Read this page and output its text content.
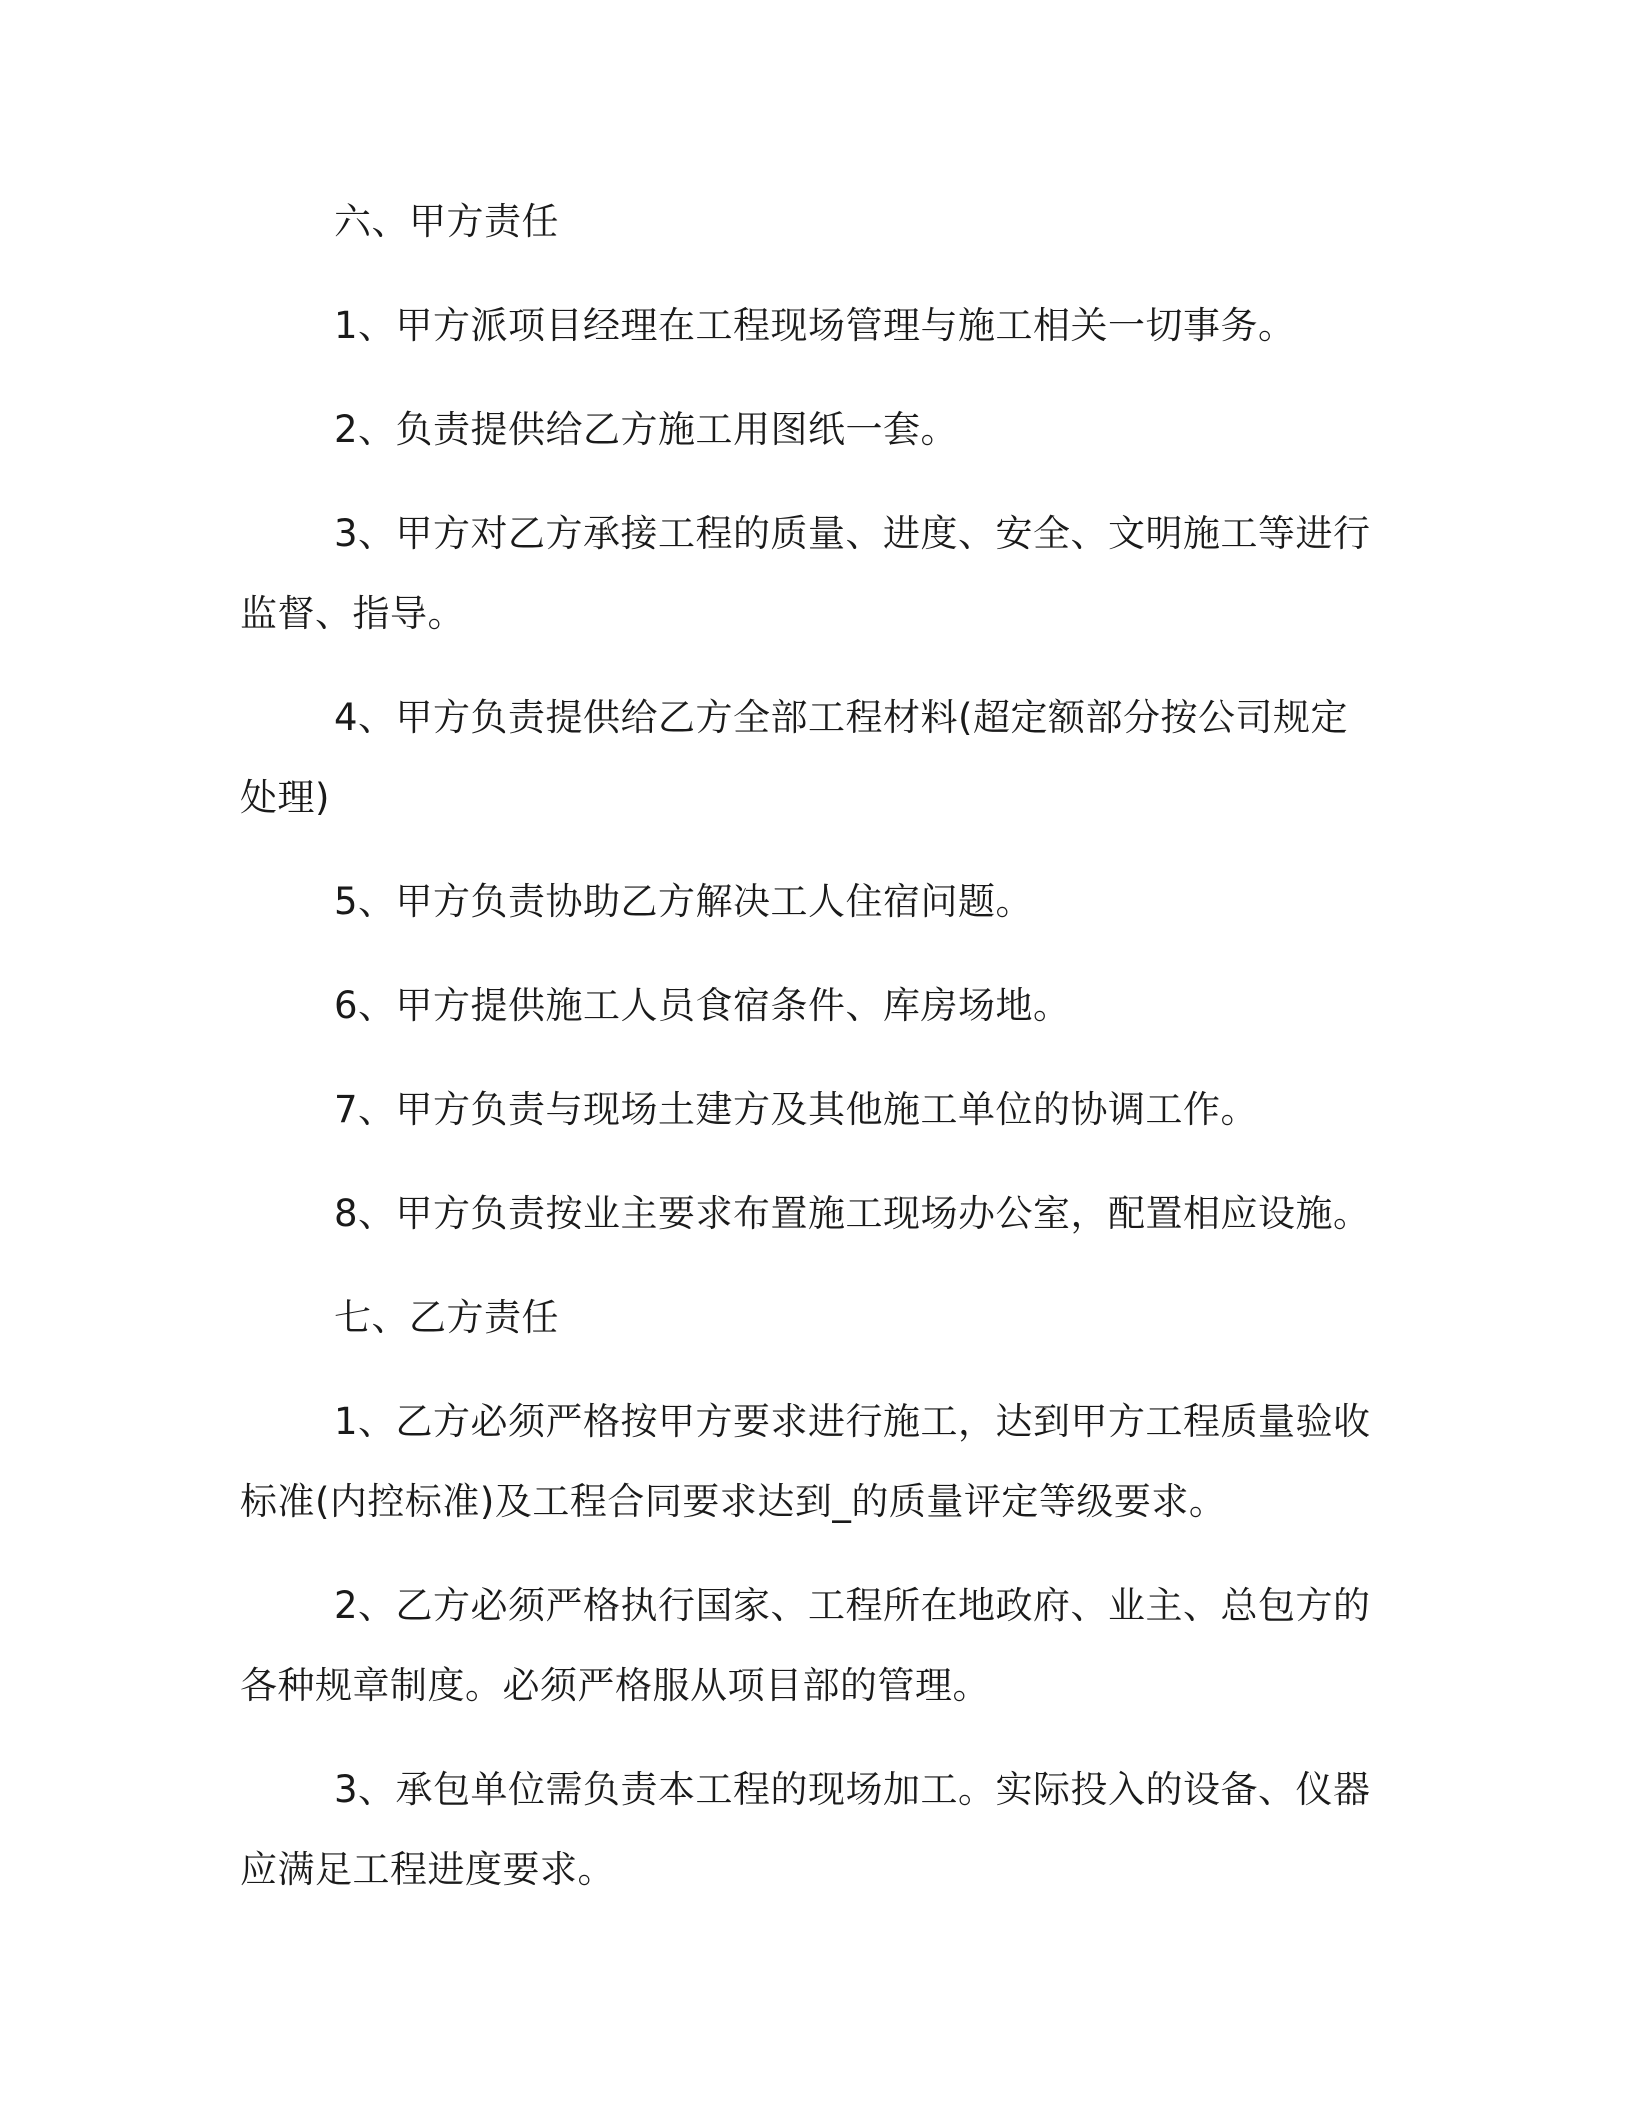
六、甲方责任

1、甲方派项目经理在工程现场管理与施工相关一切事务。

2、负责提供给乙方施工用图纸一套。

3、甲方对乙方承接工程的质量、进度、安全、文明施工等进行监督、指导。

4、甲方负责提供给乙方全部工程材料(超定额部分按公司规定处理)

5、甲方负责协助乙方解决工人住宿问题。

6、甲方提供施工人员食宿条件、库房场地。

7、甲方负责与现场土建方及其他施工单位的协调工作。

8、甲方负责按业主要求布置施工现场办公室，配置相应设施。

七、乙方责任

1、乙方必须严格按甲方要求进行施工，达到甲方工程质量验收标准(内控标准)及工程合同要求达到_的质量评定等级要求。

2、乙方必须严格执行国家、工程所在地政府、业主、总包方的各种规章制度。必须严格服从项目部的管理。

3、承包单位需负责本工程的现场加工。实际投入的设备、仪器应满足工程进度要求。
